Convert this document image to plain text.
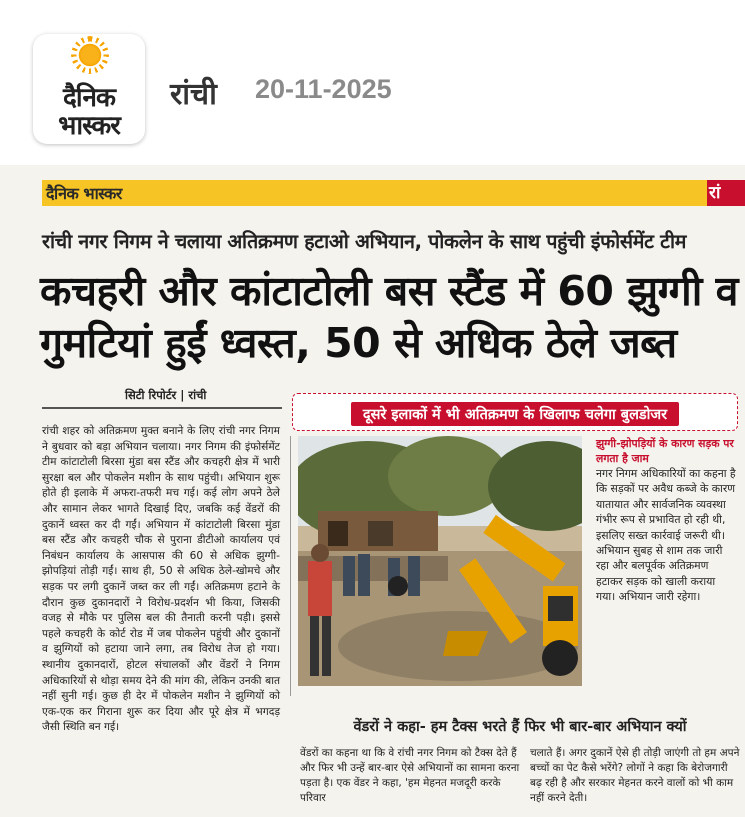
दैनिक
भास्कर
रांची 20-11-2025
दैनिक भास्कर	रां
रांची नगर निगम ने चलाया अतिक्रमण हटाओ अभियान, पोकलेन के साथ पहुंची इंफोर्समेंट टीम
कचहरी और कांटाटोली बस स्टैंड में 60 झुग्गी व गुमटियां हुईं ध्वस्त, 50 से अधिक ठेले जब्त
सिटी रिपोर्टर | रांची
रांची शहर को अतिक्रमण मुक्त बनाने के लिए रांची नगर निगम ने बुधवार को बड़ा अभियान चलाया। नगर निगम की इंफोर्समेंट टीम कांटाटोली बिरसा मुंडा बस स्टैंड और कचहरी क्षेत्र में भारी सुरक्षा बल और पोकलेन मशीन के साथ पहुंची। अभियान शुरू होते ही इलाके में अफरा-तफरी मच गई। कई लोग अपने ठेले और सामान लेकर भागते दिखाई दिए, जबकि कई वेंडरों की दुकानें ध्वस्त कर दी गईं। अभियान में कांटाटोली बिरसा मुंडा बस स्टैंड और कचहरी चौक से पुराना डीटीओ कार्यालय एवं निबंधन कार्यालय के आसपास की 60 से अधिक झुग्गी-झोपड़ियां तोड़ी गईं। साथ ही, 50 से अधिक ठेले-खोमचे और सड़क पर लगी दुकानें जब्त कर ली गईं। अतिक्रमण हटाने के दौरान कुछ दुकानदारों ने विरोध-प्रदर्शन भी किया, जिसकी वजह से मौके पर पुलिस बल की तैनाती करनी पड़ी। इससे पहले कचहरी के कोर्ट रोड में जब पोकलेन पहुंची और दुकानों व झुग्गियों को हटाया जाने लगा, तब विरोध तेज हो गया। स्थानीय दुकानदारों, होटल संचालकों और वेंडरों ने निगम अधिकारियों से थोड़ा समय देने की मांग की, लेकिन उनकी बात नहीं सुनी गई। कुछ ही देर में पोकलेन मशीन ने झुग्गियों को एक-एक कर गिराना शुरू कर दिया और पूरे क्षेत्र में भगदड़ जैसी स्थिति बन गई।
दूसरे इलाकों में भी अतिक्रमण के खिलाफ चलेगा बुलडोजर
झुग्गी-झोपड़ियों के कारण सड़क पर लगता है जाम
नगर निगम अधिकारियों का कहना है कि सड़कों पर अवैध कब्जे के कारण यातायात और सार्वजनिक व्यवस्था गंभीर रूप से प्रभावित हो रही थी, इसलिए सख्त कार्रवाई जरूरी थी। अभियान सुबह से शाम तक जारी रहा और बलपूर्वक अतिक्रमण हटाकर सड़क को खाली कराया गया। अभियान जारी रहेगा।
वेंडरों ने कहा- हम टैक्स भरते हैं फिर भी बार-बार अभियान क्यों
वेंडरों का कहना था कि वे रांची नगर निगम को टैक्स देते हैं और फिर भी उन्हें बार-बार ऐसे अभियानों का सामना करना पड़ता है। एक वेंडर ने कहा, 'हम मेहनत मजदूरी करके परिवार
चलाते हैं। अगर दुकानें ऐसे ही तोड़ी जाएंगी तो हम अपने बच्चों का पेट कैसे भरेंगे? लोगों ने कहा कि बेरोजगारी बढ़ रही है और सरकार मेहनत करने वालों को भी काम नहीं करने देती।
